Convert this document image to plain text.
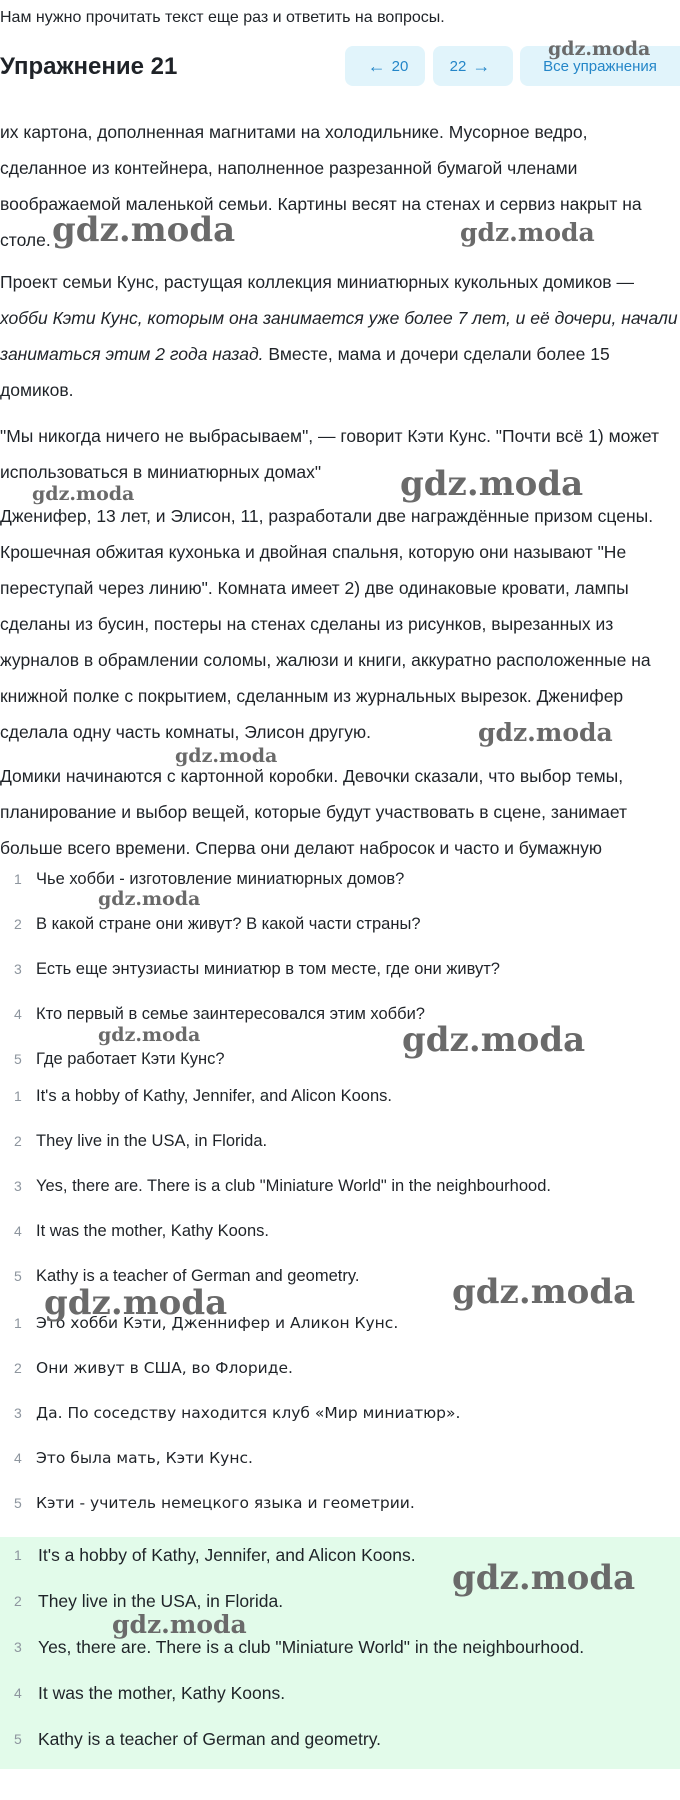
Нам нужно прочитать текст еще раз и ответить на вопросы.
Упражнение 21	← 20	22 →	Все упражнения

их картона, дополненная магнитами на холодильнике. Мусорное ведро, сделанное из контейнера, наполненное разрезанной бумагой членами воображаемой маленькой семьи. Картины весят на стенах и сервиз накрыт на столе.

Проект семьи Кунс, растущая коллекция миниатюрных кукольных домиков — хобби Кэти Кунс, которым она занимается уже более 7 лет, и её дочери, начали заниматься этим 2 года назад. Вместе, мама и дочери сделали более 15 домиков.

"Мы никогда ничего не выбрасываем", — говорит Кэти Кунс. "Почти всё 1) может использоваться в миниатюрных домах"

Дженифер, 13 лет, и Элисон, 11, разработали две награждённые призом сцены. Крошечная обжитая кухонька и двойная спальня, которую они называют "Не переступай через линию". Комната имеет 2) две одинаковые кровати, лампы сделаны из бусин, постеры на стенах сделаны из рисунков, вырезанных из журналов в обрамлении соломы, жалюзи и книги, аккуратно расположенные на книжной полке с покрытием, сделанным из журнальных вырезок. Дженифер сделала одну часть комнаты, Элисон другую.

Домики начинаются с картонной коробки. Девочки сказали, что выбор темы, планирование и выбор вещей, которые будут участвовать в сцене, занимает больше всего времени. Сперва они делают набросок и часто и бумажную

1 Чье хобби - изготовление миниатюрных домов?
2 В какой стране они живут? В какой части страны?
3 Есть еще энтузиасты миниатюр в том месте, где они живут?
4 Кто первый в семье заинтересовался этим хобби?
5 Где работает Кэти Кунс?
1 It's a hobby of Kathy, Jennifer, and Alicon Koons.
2 They live in the USA, in Florida.
3 Yes, there are. There is a club "Miniature World" in the neighbourhood.
4 It was the mother, Kathy Koons.
5 Kathy is a teacher of German and geometry.
1 Это хобби Кэти, Дженнифер и Аликон Кунс.
2 Они живут в США, во Флориде.
3 Да. По соседству находится клуб «Мир миниатюр».
4 Это была мать, Кэти Кунс.
5 Кэти - учитель немецкого языка и геометрии.
1 It's a hobby of Kathy, Jennifer, and Alicon Koons.
2 They live in the USA, in Florida.
3 Yes, there are. There is a club "Miniature World" in the neighbourhood.
4 It was the mother, Kathy Koons.
5 Kathy is a teacher of German and geometry.
gdz.moda
gdz.moda	gdz.moda
gdz.moda
gdz.moda
gdz.moda
gdz.moda
gdz.moda
gdz.moda	gdz.moda
gdz.moda	gdz.moda
gdz.moda
gdz.moda
